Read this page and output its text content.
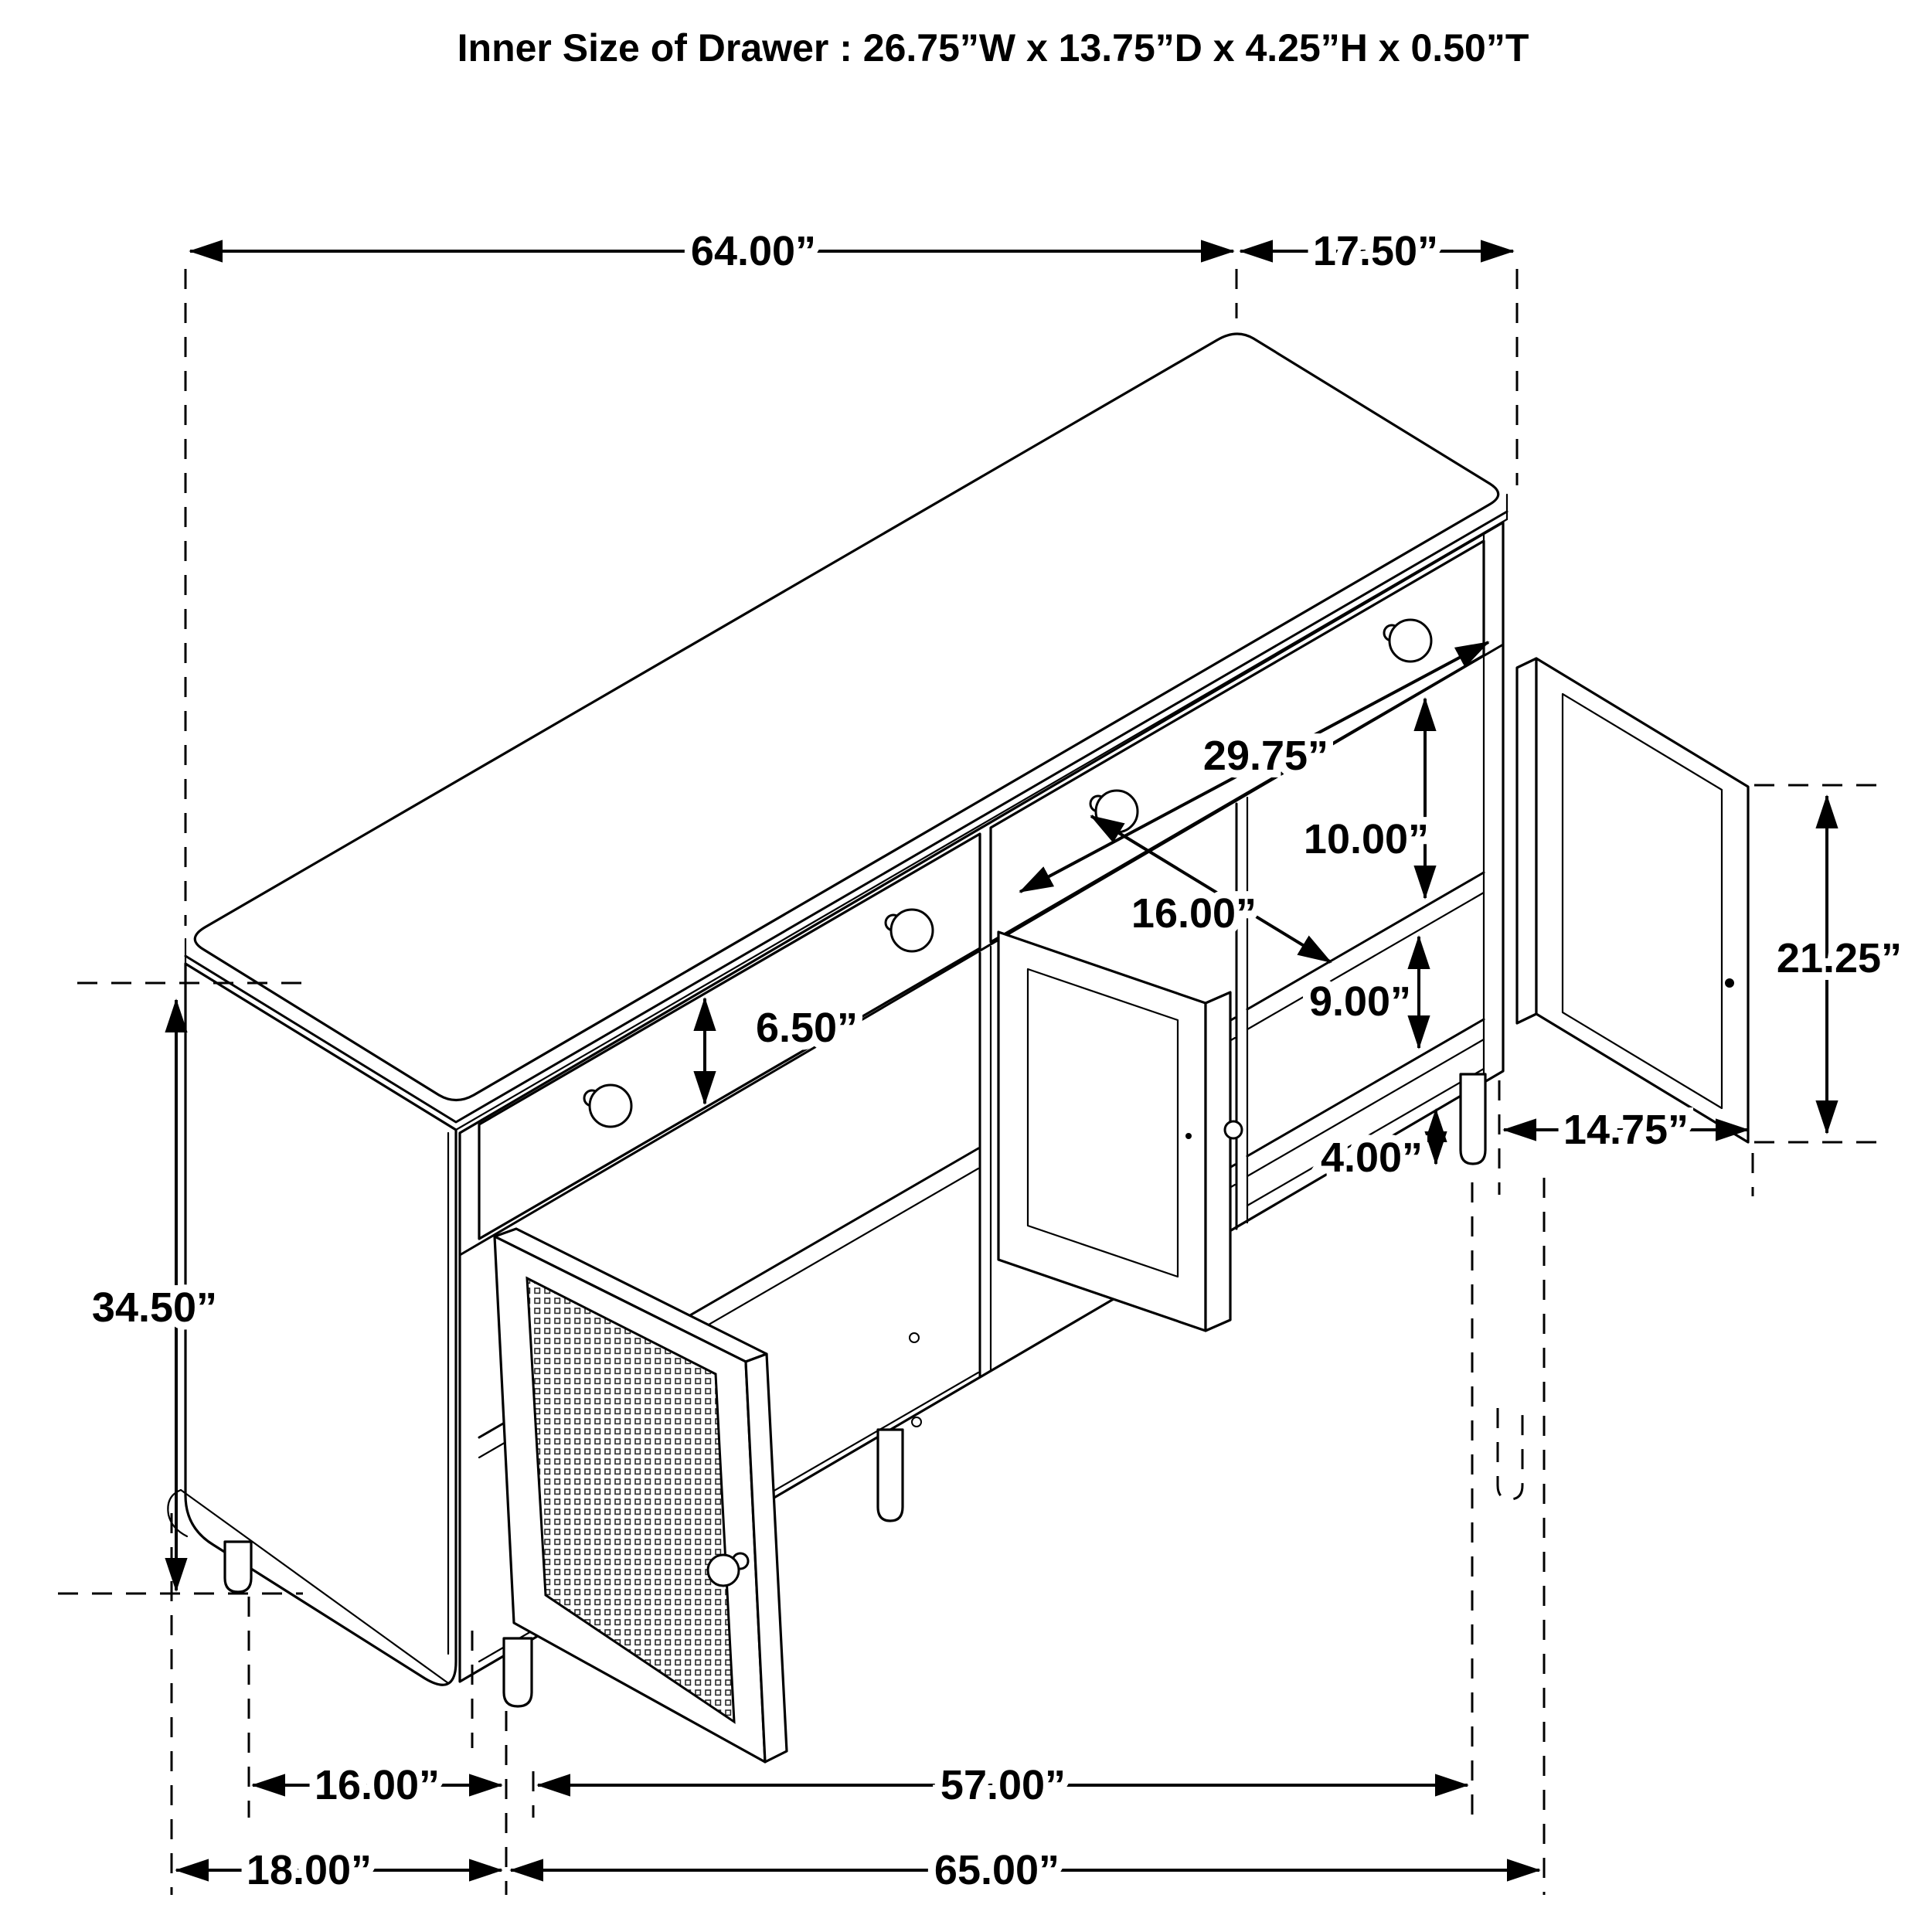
64.00”	17.50”
34.50”
6.50”
29.75”
10.00”
16.00”
9.00”
4.00”
14.75”
21.25”
16.00”	57.00”
18.00”	65.00”
Inner Size of Drawer : 26.75”W x 13.75”D x 4.25”H x 0.50”T
